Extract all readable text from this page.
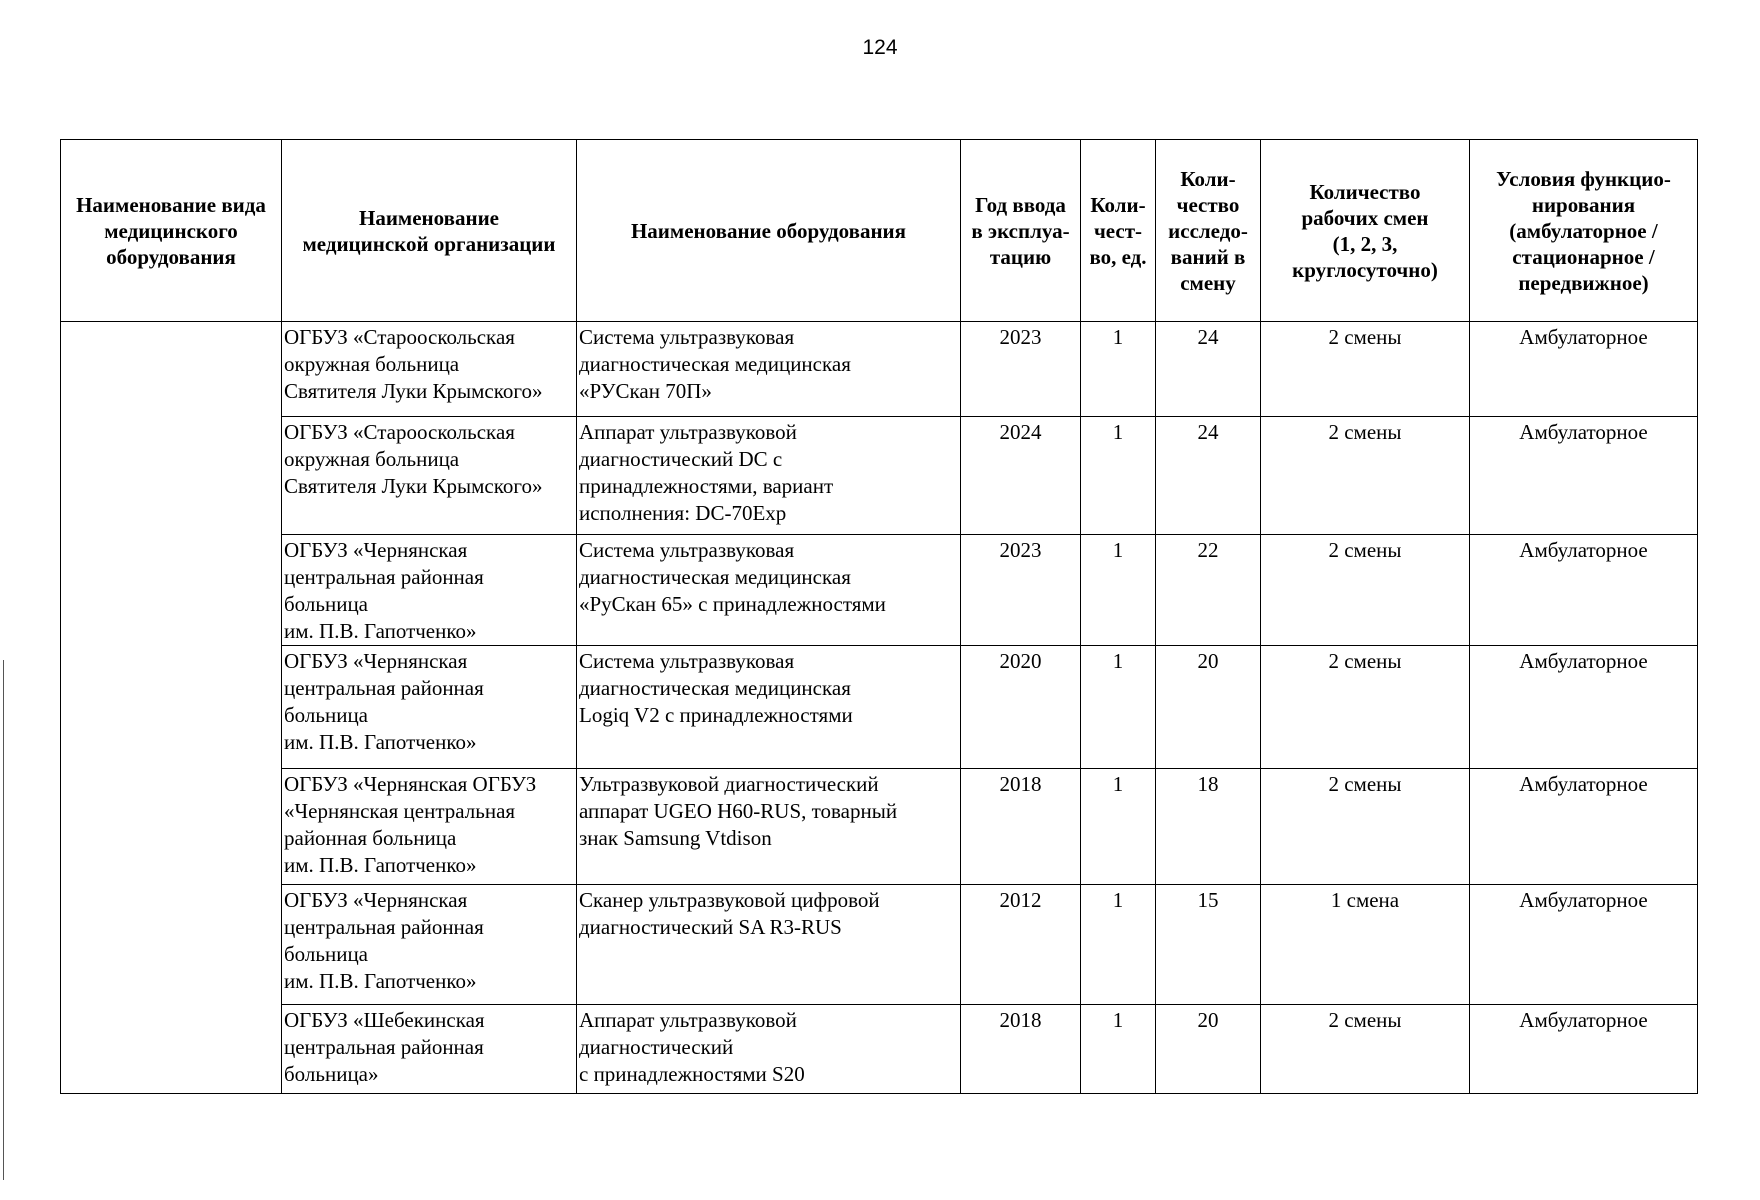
124
Наименование вида
медицинского
оборудования	Наименование
медицинской организации	Наименование оборудования	Год ввода
в эксплуа-
тацию	Коли-
чест-
во, ед.	Коли-
чество
исследо-
ваний в
смену	Количество
рабочих смен
(1, 2, 3,
круглосуточно)	Условия функцио-
нирования
(амбулаторное /
стационарное /
передвижное)
	ОГБУЗ «Старооскольская
окружная больница
Святителя Луки Крымского»	Система ультразвуковая
диагностическая медицинская
«РУСкан 70П»	2023	1	24	2 смены	Амбулаторное
	ОГБУЗ «Старооскольская
окружная больница
Святителя Луки Крымского»	Аппарат ультразвуковой
диагностический DC с
принадлежностями, вариант
исполнения: DC-70Exp	2024	1	24	2 смены	Амбулаторное
	ОГБУЗ «Чернянская
центральная районная
больница
им. П.В. Гапотченко»	Система ультразвуковая
диагностическая медицинская
«РуСкан 65» с принадлежностями	2023	1	22	2 смены	Амбулаторное
	ОГБУЗ «Чернянская
центральная районная
больница
им. П.В. Гапотченко»	Система ультразвуковая
диагностическая медицинская
Logiq V2 с принадлежностями	2020	1	20	2 смены	Амбулаторное
	ОГБУЗ «Чернянская ОГБУЗ
«Чернянская центральная
районная больница
им. П.В. Гапотченко»	Ультразвуковой диагностический
аппарат UGEO H60-RUS, товарный
знак Samsung Vtdison	2018	1	18	2 смены	Амбулаторное
	ОГБУЗ «Чернянская
центральная районная
больница
им. П.В. Гапотченко»	Сканер ультразвуковой цифровой
диагностический SA R3-RUS	2012	1	15	1 смена	Амбулаторное
	ОГБУЗ «Шебекинская
центральная районная
больница»	Аппарат ультразвуковой
диагностический
с принадлежностями S20	2018	1	20	2 смены	Амбулаторное
